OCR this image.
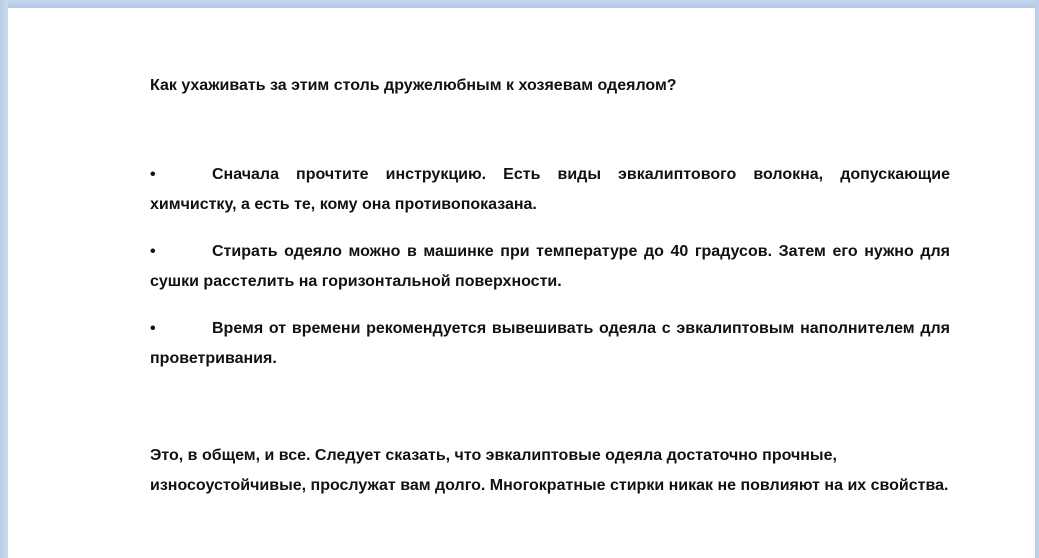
Как ухаживать за этим столь дружелюбным к хозяевам одеялом?

•	Сначала прочтите инструкцию. Есть виды эвкалиптового волокна, допускающие химчистку, а есть те, кому она противопоказана.
•	Стирать одеяло можно в машинке при температуре до 40 градусов. Затем его нужно для сушки расстелить на горизонтальной поверхности.
•	Время от времени рекомендуется вывешивать одеяла с эвкалиптовым наполнителем для проветривания.

Это, в общем, и все. Следует сказать, что эвкалиптовые одеяла достаточно прочные, износоустойчивые, прослужат вам долго. Многократные стирки никак не повлияют на их свойства.
